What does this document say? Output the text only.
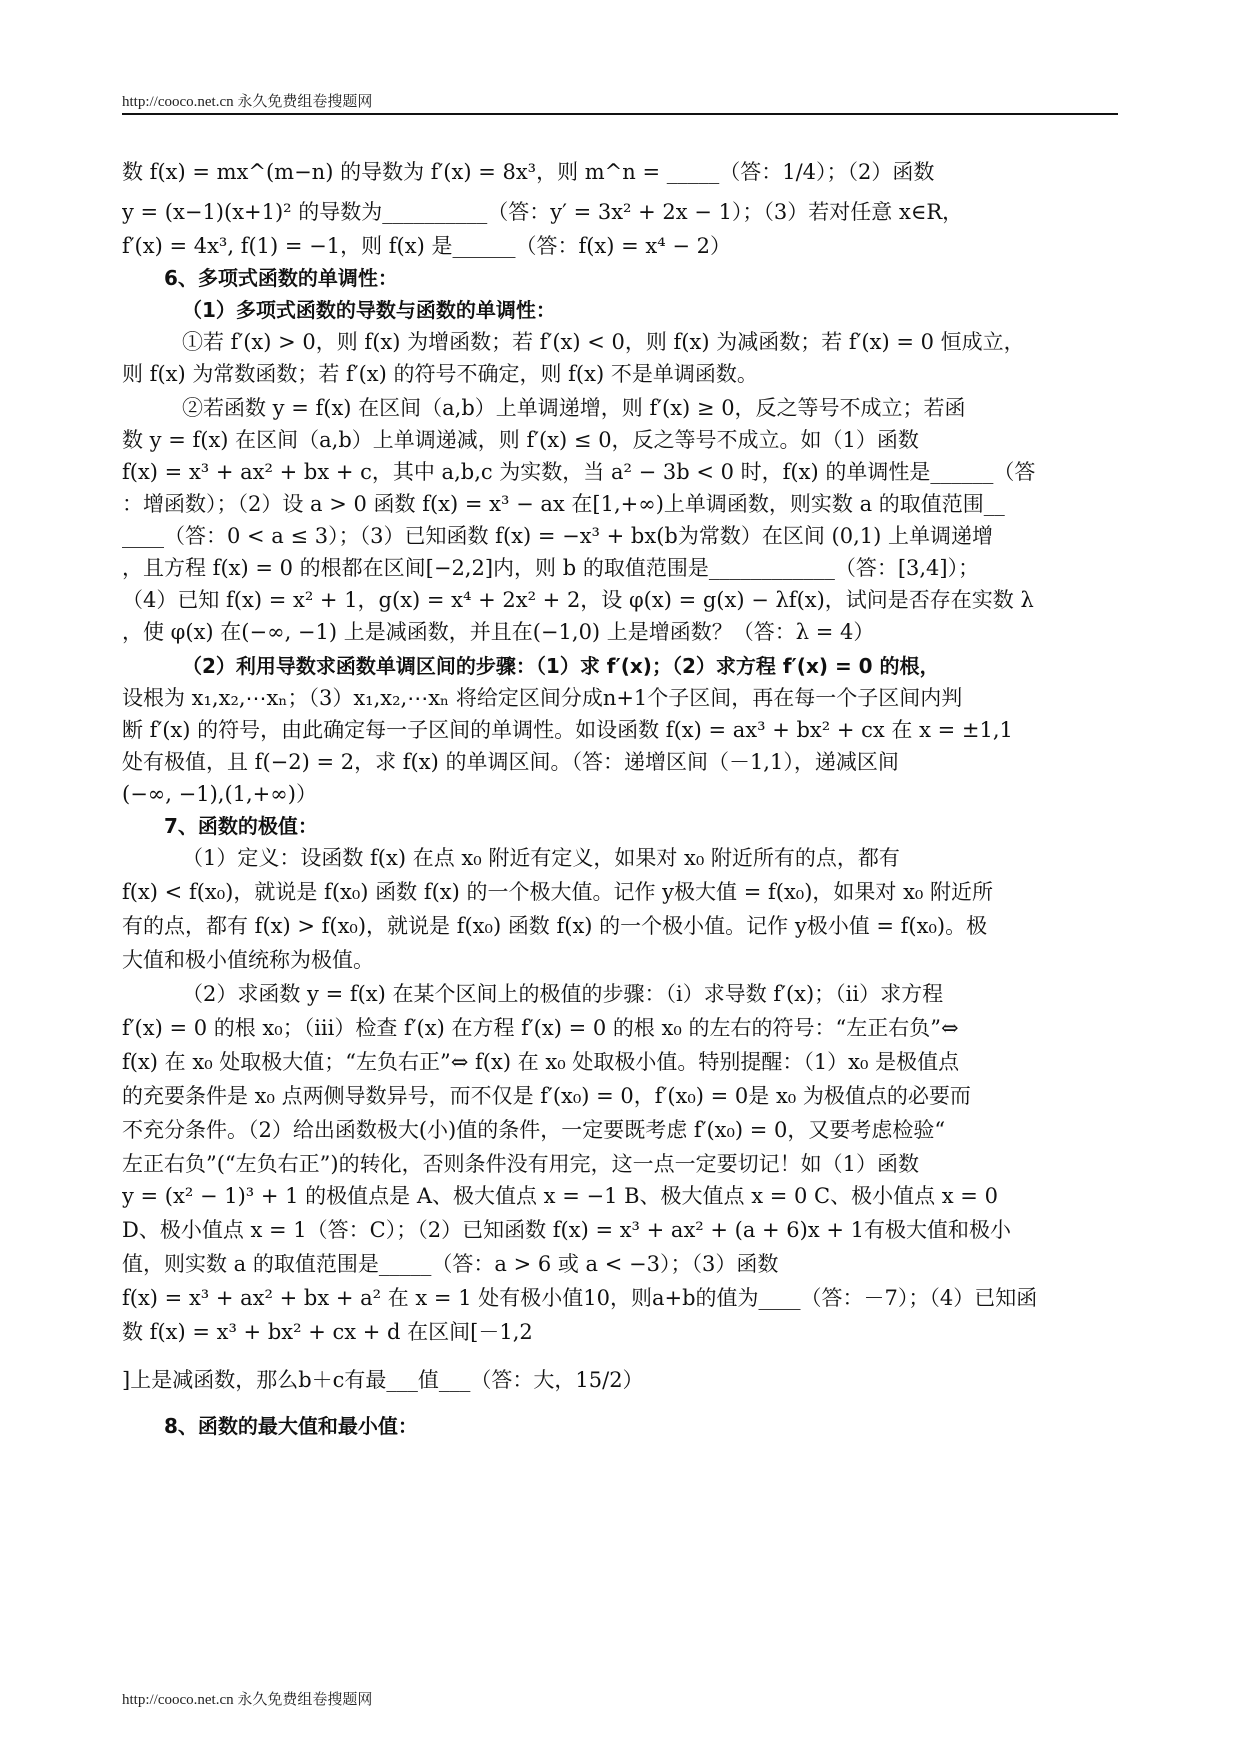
http://cooco.net.cn 永久免费组卷搜题网
数 f(x) = mx^(m−n) 的导数为 f′(x) = 8x³，则 m^n = _____（答：1/4）；（2）函数
y = (x−1)(x+1)² 的导数为__________（答：y′ = 3x² + 2x − 1）；（3）若对任意 x∈R，
f′(x) = 4x³, f(1) = −1，则 f(x) 是______（答：f(x) = x⁴ − 2）
6、多项式函数的单调性：
（1）多项式函数的导数与函数的单调性：
①若 f′(x) > 0，则 f(x) 为增函数；若 f′(x) < 0，则 f(x) 为减函数；若 f′(x) = 0 恒成立，
则 f(x) 为常数函数；若 f′(x) 的符号不确定，则 f(x) 不是单调函数。
②若函数 y = f(x) 在区间（a,b）上单调递增，则 f′(x) ≥ 0，反之等号不成立；若函
数 y = f(x) 在区间（a,b）上单调递减，则 f′(x) ≤ 0，反之等号不成立。如（1）函数
f(x) = x³ + ax² + bx + c，其中 a,b,c 为实数，当 a² − 3b < 0 时，f(x) 的单调性是______（答
：增函数）；（2）设 a > 0 函数 f(x) = x³ − ax 在[1,+∞)上单调函数，则实数 a 的取值范围__
____（答：0 < a ≤ 3）；（3）已知函数 f(x) = −x³ + bx(b为常数）在区间 (0,1) 上单调递增
，且方程 f(x) = 0 的根都在区间[−2,2]内，则 b 的取值范围是____________（答：[3,4]）；
（4）已知 f(x) = x² + 1，g(x) = x⁴ + 2x² + 2，设 φ(x) = g(x) − λf(x)，试问是否存在实数 λ
，使 φ(x) 在(−∞, −1) 上是减函数，并且在(−1,0) 上是增函数？（答：λ = 4）
（2）利用导数求函数单调区间的步骤：（1）求 f′(x)；（2）求方程 f′(x) = 0 的根，
设根为 x₁,x₂,⋯xₙ；（3）x₁,x₂,⋯xₙ 将给定区间分成n+1个子区间，再在每一个子区间内判
断 f′(x) 的符号，由此确定每一子区间的单调性。如设函数 f(x) = ax³ + bx² + cx 在 x = ±1,1
处有极值，且 f(−2) = 2，求 f(x) 的单调区间。（答：递增区间（－1,1），递减区间
(−∞, −1),(1,+∞)）
7、函数的极值：
（1）定义：设函数 f(x) 在点 x₀ 附近有定义，如果对 x₀ 附近所有的点，都有
f(x) < f(x₀)，就说是 f(x₀) 函数 f(x) 的一个极大值。记作 y极大值 = f(x₀)，如果对 x₀ 附近所
有的点，都有 f(x) > f(x₀)，就说是 f(x₀) 函数 f(x) 的一个极小值。记作 y极小值 = f(x₀)。极
大值和极小值统称为极值。
（2）求函数 y = f(x) 在某个区间上的极值的步骤：（i）求导数 f′(x)；（ii）求方程
f′(x) = 0 的根 x₀；（iii）检查 f′(x) 在方程 f′(x) = 0 的根 x₀ 的左右的符号：“左正右负”⇔
f(x) 在 x₀ 处取极大值；“左负右正”⇔ f(x) 在 x₀ 处取极小值。特别提醒：（1）x₀ 是极值点
的充要条件是 x₀ 点两侧导数异号，而不仅是 f′(x₀) = 0，f′(x₀) = 0是 x₀ 为极值点的必要而
不充分条件。（2）给出函数极大(小)值的条件，一定要既考虑 f′(x₀) = 0，又要考虑检验“
左正右负”(“左负右正”)的转化，否则条件没有用完，这一点一定要切记！如（1）函数
y = (x² − 1)³ + 1 的极值点是 A、极大值点 x = −1 B、极大值点 x = 0 C、极小值点 x = 0
D、极小值点 x = 1（答：C）；（2）已知函数 f(x) = x³ + ax² + (a + 6)x + 1有极大值和极小
值，则实数 a 的取值范围是_____（答：a > 6 或 a < −3）；（3）函数
f(x) = x³ + ax² + bx + a² 在 x = 1 处有极小值10，则a+b的值为____（答：－7）；（4）已知函
数 f(x) = x³ + bx² + cx + d 在区间[－1,2
]上是减函数，那么b＋c有最___值___（答：大，15/2）
8、函数的最大值和最小值：
http://cooco.net.cn 永久免费组卷搜题网
